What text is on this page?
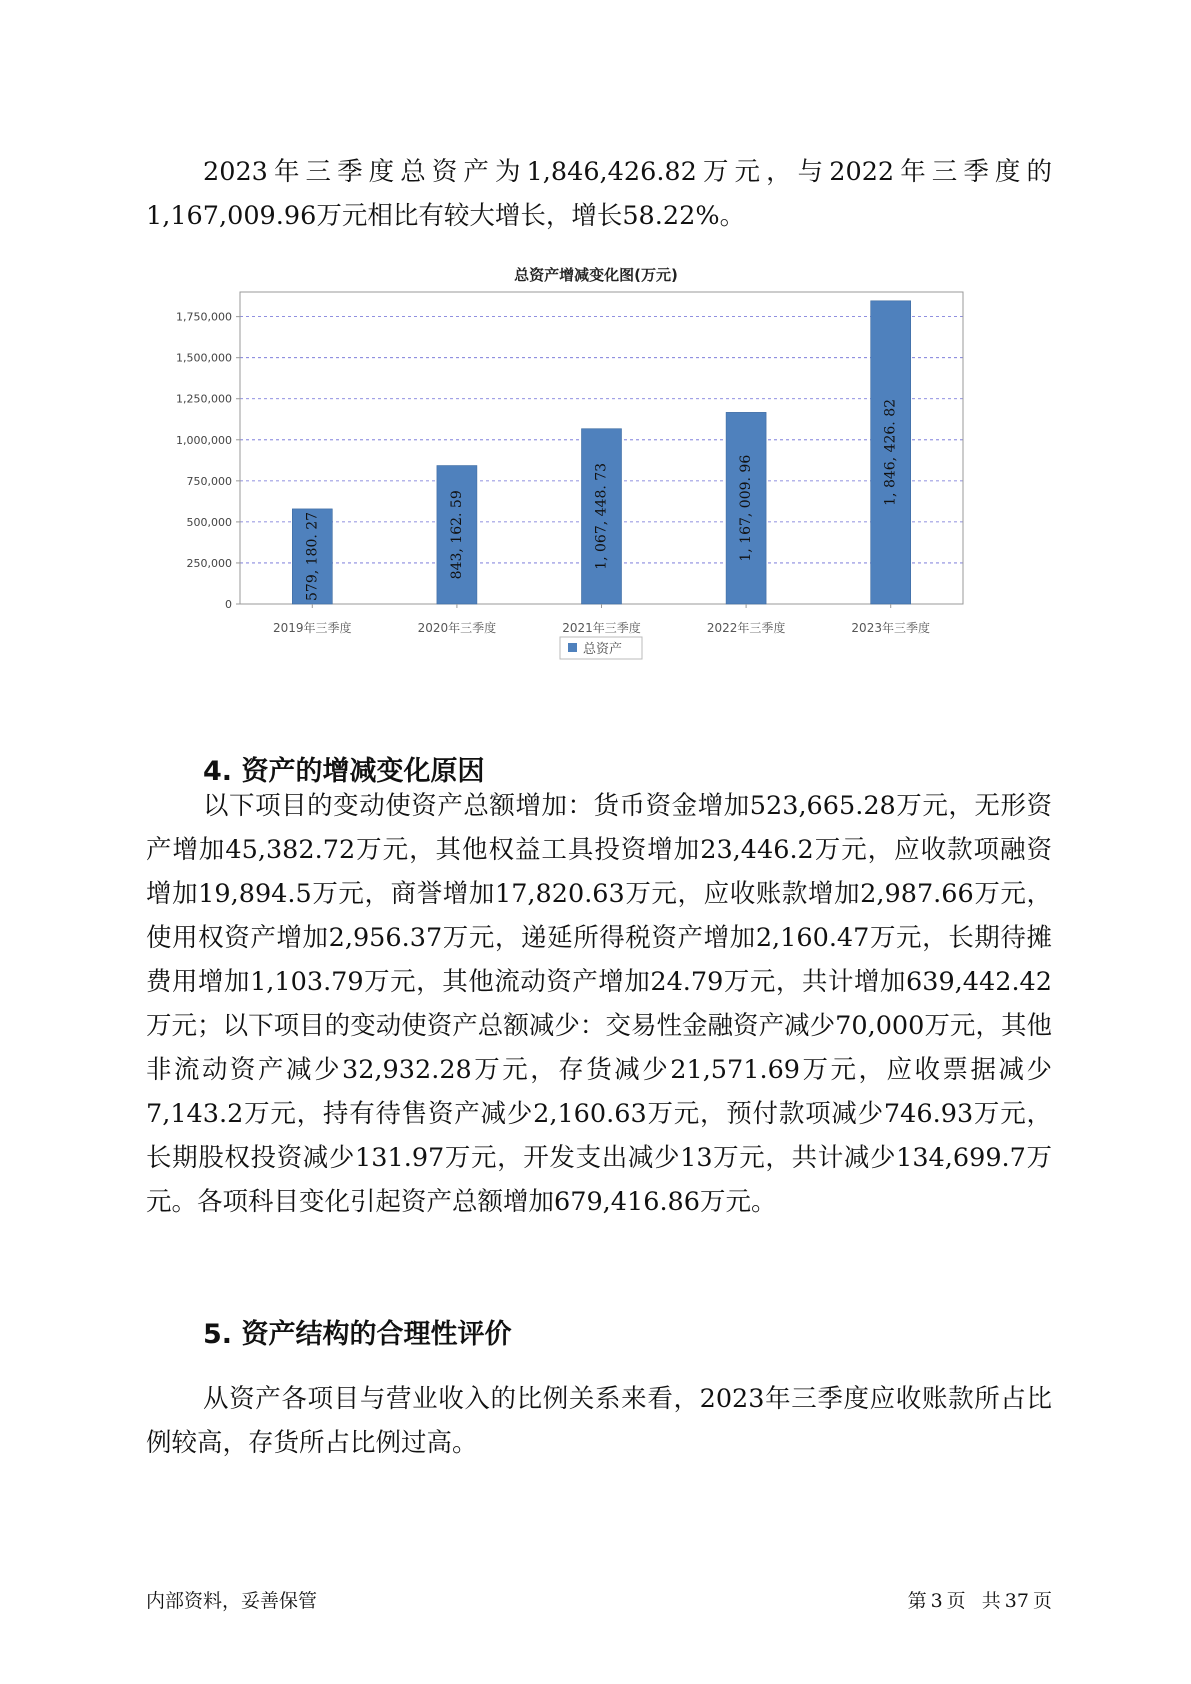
2023年三季度总资产为1,846,426.82万元，与2022年三季度的1,167,009.96万元相比有较大增长，增长58.22%。

总资产增减变化图(万元)
0
250,000
500,000
750,000
1,000,000
1,250,000
1,500,000
1,750,000
579, 180. 27	843, 162. 59	1, 067, 448. 73	1, 167, 009. 96
1, 846, 426. 82
2019年三季度	2020年三季度	2021年三季度	2022年三季度	2023年三季度
总资产
4. 资产的增减变化原因

以下项目的变动使资产总额增加：货币资金增加523,665.28万元，无形资产增加45,382.72万元，其他权益工具投资增加23,446.2万元，应收款项融资增加19,894.5万元，商誉增加17,820.63万元，应收账款增加2,987.66万元，使用权资产增加2,956.37万元，递延所得税资产增加2,160.47万元，长期待摊费用增加1,103.79万元，其他流动资产增加24.79万元，共计增加639,442.42万元；以下项目的变动使资产总额减少：交易性金融资产减少70,000万元，其他非流动资产减少32,932.28万元，存货减少21,571.69万元，应收票据减少7,143.2万元，持有待售资产减少2,160.63万元，预付款项减少746.93万元，长期股权投资减少131.97万元，开发支出减少13万元，共计减少134,699.7万元。各项科目变化引起资产总额增加679,416.86万元。

5. 资产结构的合理性评价

从资产各项目与营业收入的比例关系来看，2023年三季度应收账款所占比例较高，存货所占比例过高。

内部资料，妥善保管	第 3 页 共 37 页
